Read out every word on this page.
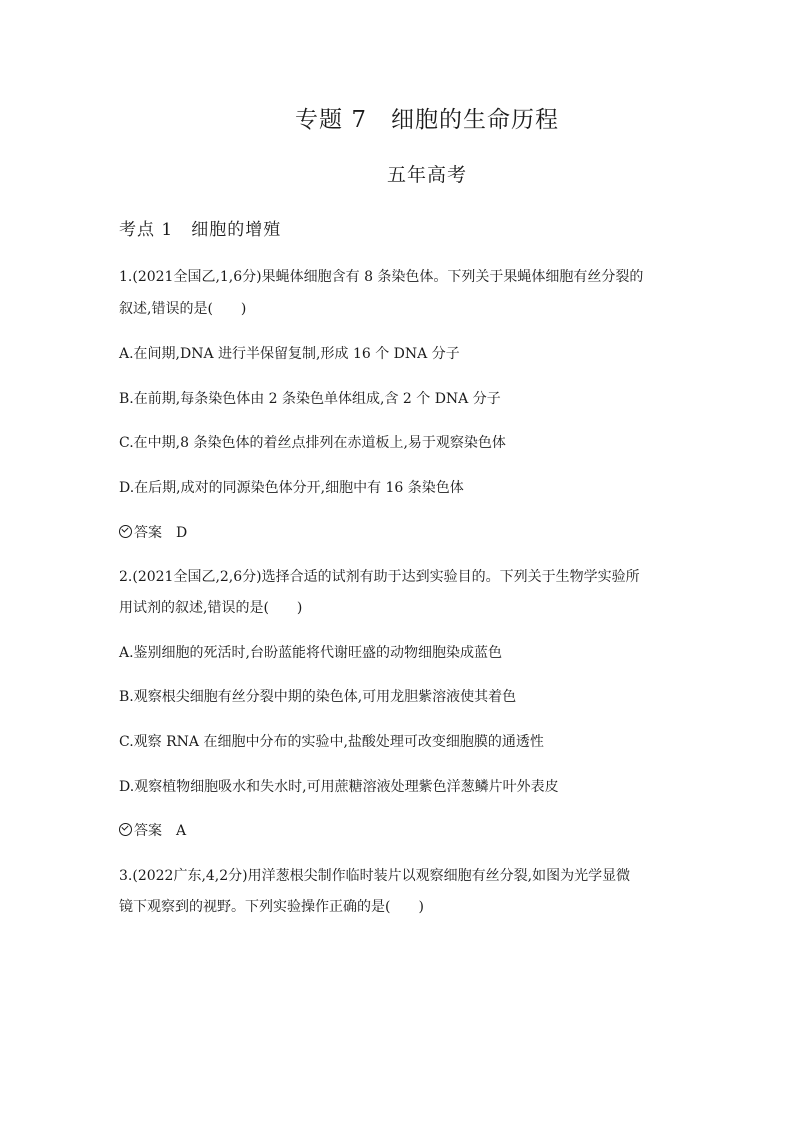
专题 7　细胞的生命历程
五年高考
考点 1　细胞的增殖
1.(2021全国乙,1,6分)果蝇体细胞含有 8 条染色体。下列关于果蝇体细胞有丝分裂的
叙述,错误的是(　　)
A.在间期,DNA 进行半保留复制,形成 16 个 DNA 分子
B.在前期,每条染色体由 2 条染色单体组成,含 2 个 DNA 分子
C.在中期,8 条染色体的着丝点排列在赤道板上,易于观察染色体
D.在后期,成对的同源染色体分开,细胞中有 16 条染色体
答案 D
2.(2021全国乙,2,6分)选择合适的试剂有助于达到实验目的。下列关于生物学实验所
用试剂的叙述,错误的是(　　)
A.鉴别细胞的死活时,台盼蓝能将代谢旺盛的动物细胞染成蓝色
B.观察根尖细胞有丝分裂中期的染色体,可用龙胆紫溶液使其着色
C.观察 RNA 在细胞中分布的实验中,盐酸处理可改变细胞膜的通透性
D.观察植物细胞吸水和失水时,可用蔗糖溶液处理紫色洋葱鳞片叶外表皮
答案 A
3.(2022广东,4,2分)用洋葱根尖制作临时装片以观察细胞有丝分裂,如图为光学显微
镜下观察到的视野。下列实验操作正确的是(　　)
